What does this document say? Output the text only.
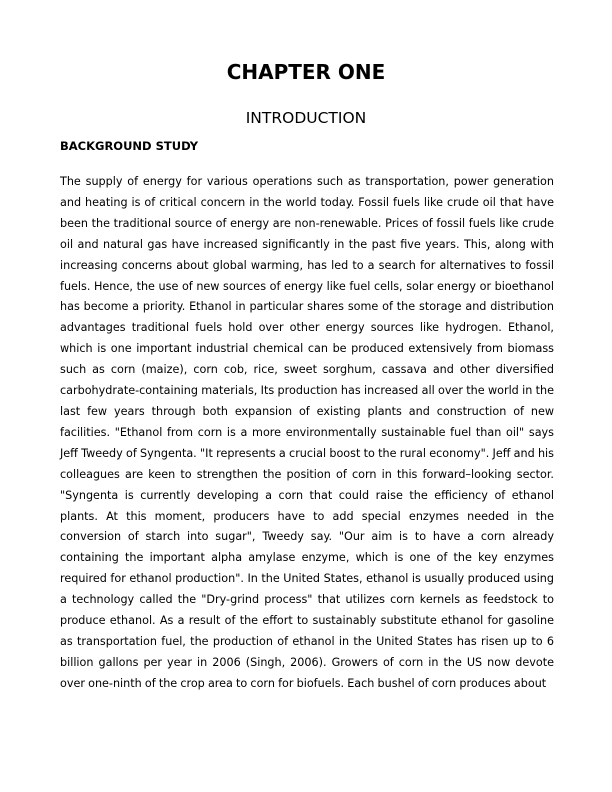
CHAPTER ONE
INTRODUCTION
BACKGROUND STUDY

The supply of energy for various operations such as transportation, power generation and heating is of critical concern in the world today. Fossil fuels like crude oil that have been the traditional source of energy are non-renewable. Prices of fossil fuels like crude oil and natural gas have increased significantly in the past five years. This, along with increasing concerns about global warming, has led to a search for alternatives to fossil fuels. Hence, the use of new sources of energy like fuel cells, solar energy or bioethanol has become a priority. Ethanol in particular shares some of the storage and distribution advantages traditional fuels hold over other energy sources like hydrogen. Ethanol, which is one important industrial chemical can be produced extensively from biomass such as corn (maize), corn cob, rice, sweet sorghum, cassava and other diversified carbohydrate-containing materials, Its production has increased all over the world in the last few years through both expansion of existing plants and construction of new facilities. "Ethanol from corn is a more environmentally sustainable fuel than oil" says Jeff Tweedy of Syngenta. "It represents a crucial boost to the rural economy". Jeff and his colleagues are keen to strengthen the position of corn in this forward–looking sector. "Syngenta is currently developing a corn that could raise the efficiency of ethanol plants. At this moment, producers have to add special enzymes needed in the conversion of starch into sugar", Tweedy say. "Our aim is to have a corn already containing the important alpha amylase enzyme, which is one of the key enzymes required for ethanol production". In the United States, ethanol is usually produced using a technology called the "Dry-grind process" that utilizes corn kernels as feedstock to produce ethanol. As a result of the effort to sustainably substitute ethanol for gasoline as transportation fuel, the production of ethanol in the United States has risen up to 6 billion gallons per year in 2006 (Singh, 2006). Growers of corn in the US now devote over one-ninth of the crop area to corn for biofuels. Each bushel of corn produces about
